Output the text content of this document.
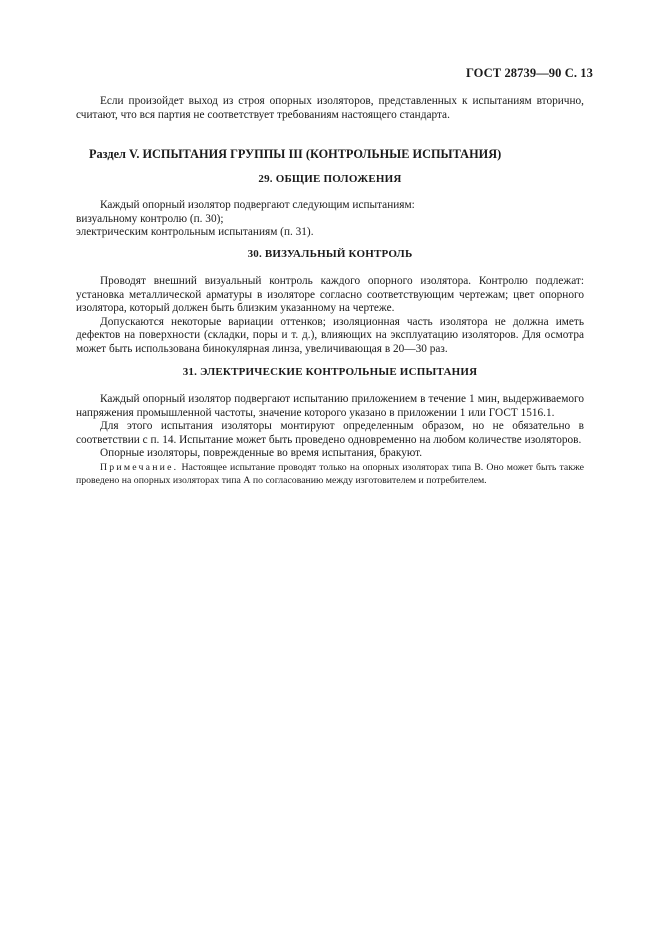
ГОСТ 28739—90 С. 13

Если произойдет выход из строя опорных изоляторов, представленных к испытаниям вторично, считают, что вся партия не соответствует требованиям настоящего стандарта.

Раздел V. ИСПЫТАНИЯ ГРУППЫ III (КОНТРОЛЬНЫЕ ИСПЫТАНИЯ)
29. ОБЩИЕ ПОЛОЖЕНИЯ

Каждый опорный изолятор подвергают следующим испытаниям:

визуальному контролю (п. 30);

электрическим контрольным испытаниям (п. 31).

30. ВИЗУАЛЬНЫЙ КОНТРОЛЬ

Проводят внешний визуальный контроль каждого опорного изолятора. Контролю подлежат: установка металлической арматуры в изоляторе согласно соответствующим чертежам; цвет опорного изолятора, который должен быть близким указанному на чертеже.

Допускаются некоторые вариации оттенков; изоляционная часть изолятора не должна иметь дефектов на поверхности (складки, поры и т. д.), влияющих на эксплуатацию изоляторов. Для осмотра может быть использована бинокулярная линза, увеличивающая в 20—30 раз.

31. ЭЛЕКТРИЧЕСКИЕ КОНТРОЛЬНЫЕ ИСПЫТАНИЯ

Каждый опорный изолятор подвергают испытанию приложением в течение 1 мин, выдерживаемого напряжения промышленной частоты, значение которого указано в приложении 1 или ГОСТ 1516.1.

Для этого испытания изоляторы монтируют определенным образом, но не обязательно в соответствии с п. 14. Испытание может быть проведено одновременно на любом количестве изоляторов.

Опорные изоляторы, поврежденные во время испытания, бракуют.

Примечание. Настоящее испытание проводят только на опорных изоляторах типа В. Оно может быть также проведено на опорных изоляторах типа А по согласованию между изготовителем и потребителем.
